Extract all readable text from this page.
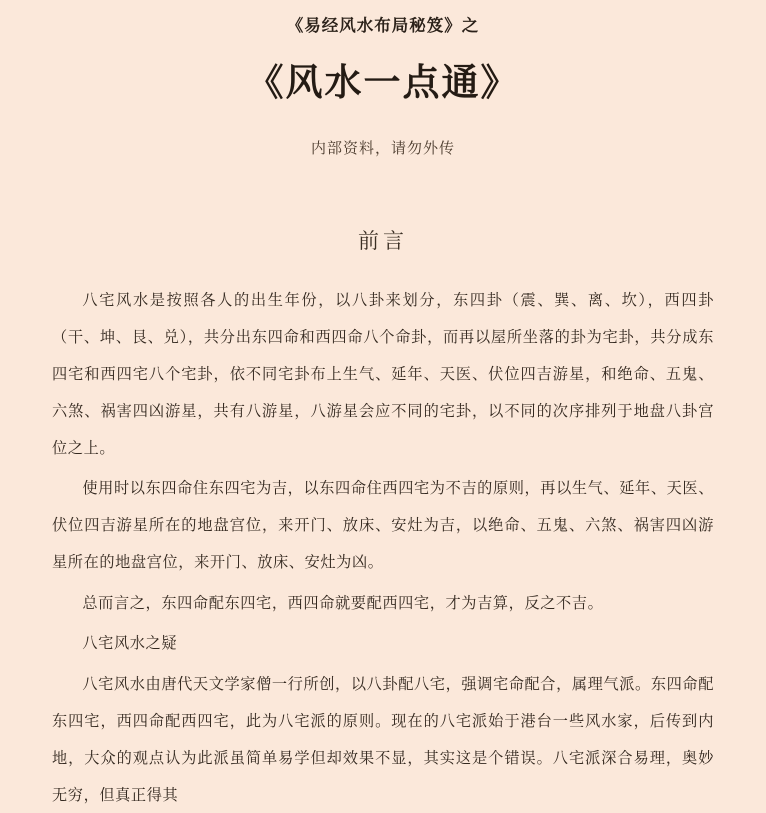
《易经风水布局秘笈》之

《风水一点通》

内部资料，请勿外传

前言

八宅风水是按照各人的出生年份，以八卦来划分，东四卦（震、巽、离、坎），西四卦（干、坤、艮、兑），共分出东四命和西四命八个命卦，而再以屋所坐落的卦为宅卦，共分成东四宅和西四宅八个宅卦，依不同宅卦布上生气、延年、天医、伏位四吉游星，和绝命、五鬼、六煞、祸害四凶游星，共有八游星，八游星会应不同的宅卦，以不同的次序排列于地盘八卦宫位之上。

使用时以东四命住东四宅为吉，以东四命住西四宅为不吉的原则，再以生气、延年、天医、伏位四吉游星所在的地盘宫位，来开门、放床、安灶为吉，以绝命、五鬼、六煞、祸害四凶游星所在的地盘宫位，来开门、放床、安灶为凶。

总而言之，东四命配东四宅，西四命就要配西四宅，才为吉算，反之不吉。

八宅风水之疑

八宅风水由唐代天文学家僧一行所创，以八卦配八宅，强调宅命配合，属理气派。东四命配东四宅，西四命配西四宅，此为八宅派的原则。现在的八宅派始于港台一些风水家，后传到内地，大众的观点认为此派虽简单易学但却效果不显，其实这是个错误。八宅派深合易理，奥妙无穷，但真正得其
